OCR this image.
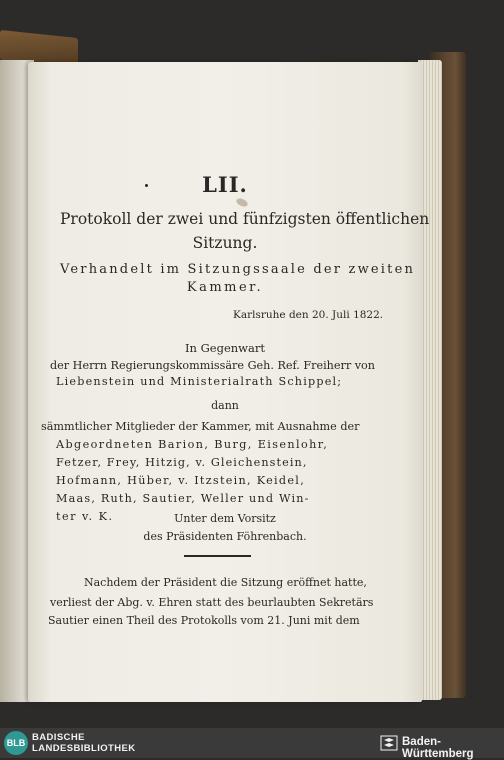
LII.
Protokoll der zwei und fünfzigsten öffentlichen
Sitzung.
Verhandelt im Sitzungssaale der zweiten
Kammer.
Karlsruhe den 20. Juli 1822.
In Gegenwart
der Herrn Regierungskommissäre Geh. Ref. Freiherr von
Liebenstein und Ministerialrath Schippel;
dann
sämmtlicher Mitglieder der Kammer, mit Ausnahme der
Abgeordneten Barion, Burg, Eisenlohr,
Fetzer, Frey, Hitzig, v. Gleichenstein,
Hofmann, Hüber, v. Itzstein, Keidel,
Maas, Ruth, Sautier, Weller und Win-
ter v. K.	Unter dem Vorsitz
des Präsidenten Föhrenbach.
Nachdem der Präsident die Sitzung eröffnet hatte,
verliest der Abg. v. Ehren statt des beurlaubten Sekretärs
Sautier einen Theil des Protokolls vom 21. Juni mit dem
BLB BADISCHE
LANDESBIBLIOTHEK
Baden-Württemberg
